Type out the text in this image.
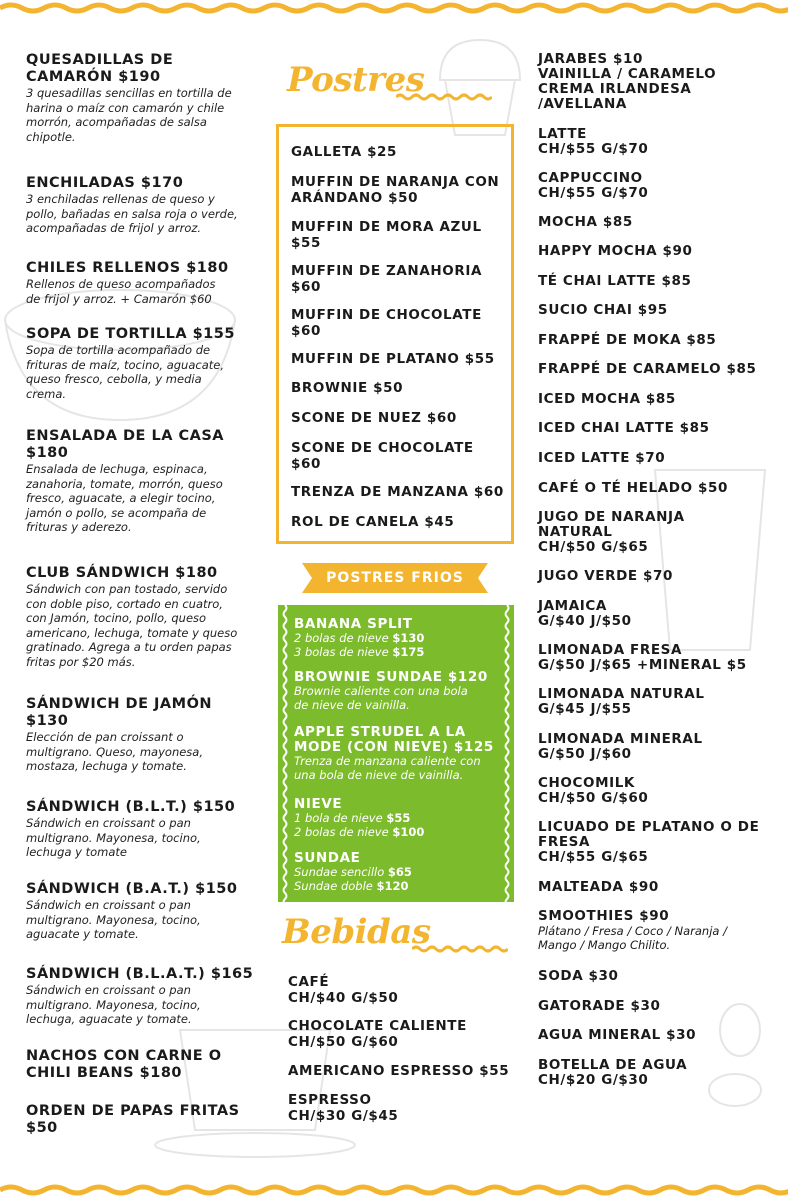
QUESADILLAS DE
CAMARÓN $190
3 quesadillas sencillas en tortilla de
harina o maíz con camarón y chile
morrón, acompañadas de salsa
chipotle.
ENCHILADAS $170
3 enchiladas rellenas de queso y
pollo, bañadas en salsa roja o verde,
acompañadas de frijol y arroz.
CHILES RELLENOS $180
Rellenos de queso acompañados
de frijol y arroz. + Camarón $60
SOPA DE TORTILLA $155
Sopa de tortilla acompañado de
frituras de maíz, tocino, aguacate,
queso fresco, cebolla, y media
crema.
ENSALADA DE LA CASA
$180
Ensalada de lechuga, espinaca,
zanahoria, tomate, morrón, queso
fresco, aguacate, a elegir tocino,
jamón o pollo, se acompaña de
frituras y aderezo.
CLUB SÁNDWICH $180
Sándwich con pan tostado, servido
con doble piso, cortado en cuatro,
con Jamón, tocino, pollo, queso
americano, lechuga, tomate y queso
gratinado. Agrega a tu orden papas
fritas por $20 más.
SÁNDWICH DE JAMÓN
$130
Elección de pan croissant o
multigrano. Queso, mayonesa,
mostaza, lechuga y tomate.
SÁNDWICH (B.L.T.) $150
Sándwich en croissant o pan
multigrano. Mayonesa, tocino,
lechuga y tomate
SÁNDWICH (B.A.T.) $150
Sándwich en croissant o pan
multigrano. Mayonesa, tocino,
aguacate y tomate.
SÁNDWICH (B.L.A.T.) $165
Sándwich en croissant o pan
multigrano. Mayonesa, tocino,
lechuga, aguacate y tomate.
NACHOS CON CARNE O
CHILI BEANS $180
ORDEN DE PAPAS FRITAS
$50
Postres
GALLETA $25
MUFFIN DE NARANJA CON
ARÁNDANO $50
MUFFIN DE MORA AZUL
$55
MUFFIN DE ZANAHORIA
$60
MUFFIN DE CHOCOLATE
$60
MUFFIN DE PLATANO $55
BROWNIE $50
SCONE DE NUEZ $60
SCONE DE CHOCOLATE
$60
TRENZA DE MANZANA $60
ROL DE CANELA $45
POSTRES FRIOS
BANANA SPLIT
2 bolas de nieve $130
3 bolas de nieve $175
BROWNIE SUNDAE $120
Brownie caliente con una bola
de nieve de vainilla.
APPLE STRUDEL A LA
MODE (CON NIEVE) $125
Trenza de manzana caliente con
una bola de nieve de vainilla.
NIEVE
1 bola de nieve $55
2 bolas de nieve $100
SUNDAE
Sundae sencillo $65
Sundae doble $120
Bebidas
CAFÉ
CH/$40 G/$50
CHOCOLATE CALIENTE
CH/$50 G/$60
AMERICANO ESPRESSO $55
ESPRESSO
CH/$30 G/$45
JARABES $10
VAINILLA / CARAMELO
CREMA IRLANDESA
/AVELLANA
LATTE
CH/$55 G/$70
CAPPUCCINO
CH/$55 G/$70
MOCHA $85
HAPPY MOCHA $90
TÉ CHAI LATTE $85
SUCIO CHAI $95
FRAPPÉ DE MOKA $85
FRAPPÉ DE CARAMELO $85
ICED MOCHA $85
ICED CHAI LATTE $85
ICED LATTE $70
CAFÉ O TÉ HELADO $50
JUGO DE NARANJA
NATURAL
CH/$50 G/$65
JUGO VERDE $70
JAMAICA
G/$40 J/$50
LIMONADA FRESA
G/$50 J/$65 +MINERAL $5
LIMONADA NATURAL
G/$45 J/$55
LIMONADA MINERAL
G/$50 J/$60
CHOCOMILK
CH/$50 G/$60
LICUADO DE PLATANO O DE
FRESA
CH/$55 G/$65
MALTEADA $90
SMOOTHIES $90
Plátano / Fresa / Coco / Naranja /
Mango / Mango Chilito.
SODA $30
GATORADE $30
AGUA MINERAL $30
BOTELLA DE AGUA
CH/$20 G/$30
